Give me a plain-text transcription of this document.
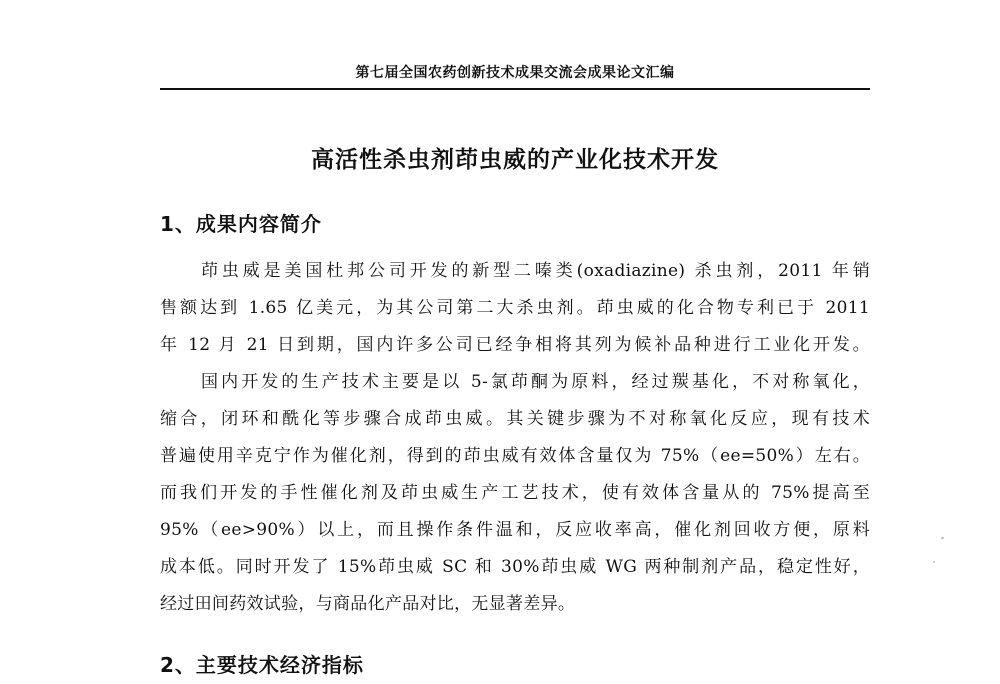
第七届全国农药创新技术成果交流会成果论文汇编
高活性杀虫剂茚虫威的产业化技术开发
1、成果内容简介
茚虫威是美国杜邦公司开发的新型二嗪类(oxadiazine) 杀虫剂，2011 年销
售额达到 1.65 亿美元，为其公司第二大杀虫剂。茚虫威的化合物专利已于 2011
年 12 月 21 日到期，国内许多公司已经争相将其列为候补品种进行工业化开发。
国内开发的生产技术主要是以 5-氯茚酮为原料，经过羰基化，不对称氧化，
缩合，闭环和酰化等步骤合成茚虫威。其关键步骤为不对称氧化反应，现有技术
普遍使用辛克宁作为催化剂，得到的茚虫威有效体含量仅为 75%（ee=50%）左右。
而我们开发的手性催化剂及茚虫威生产工艺技术，使有效体含量从的 75%提高至
95%（ee>90%）以上，而且操作条件温和，反应收率高，催化剂回收方便，原料
成本低。同时开发了 15%茚虫威 SC 和 30%茚虫威 WG 两种制剂产品，稳定性好，
经过田间药效试验，与商品化产品对比，无显著差异。
2、主要技术经济指标
